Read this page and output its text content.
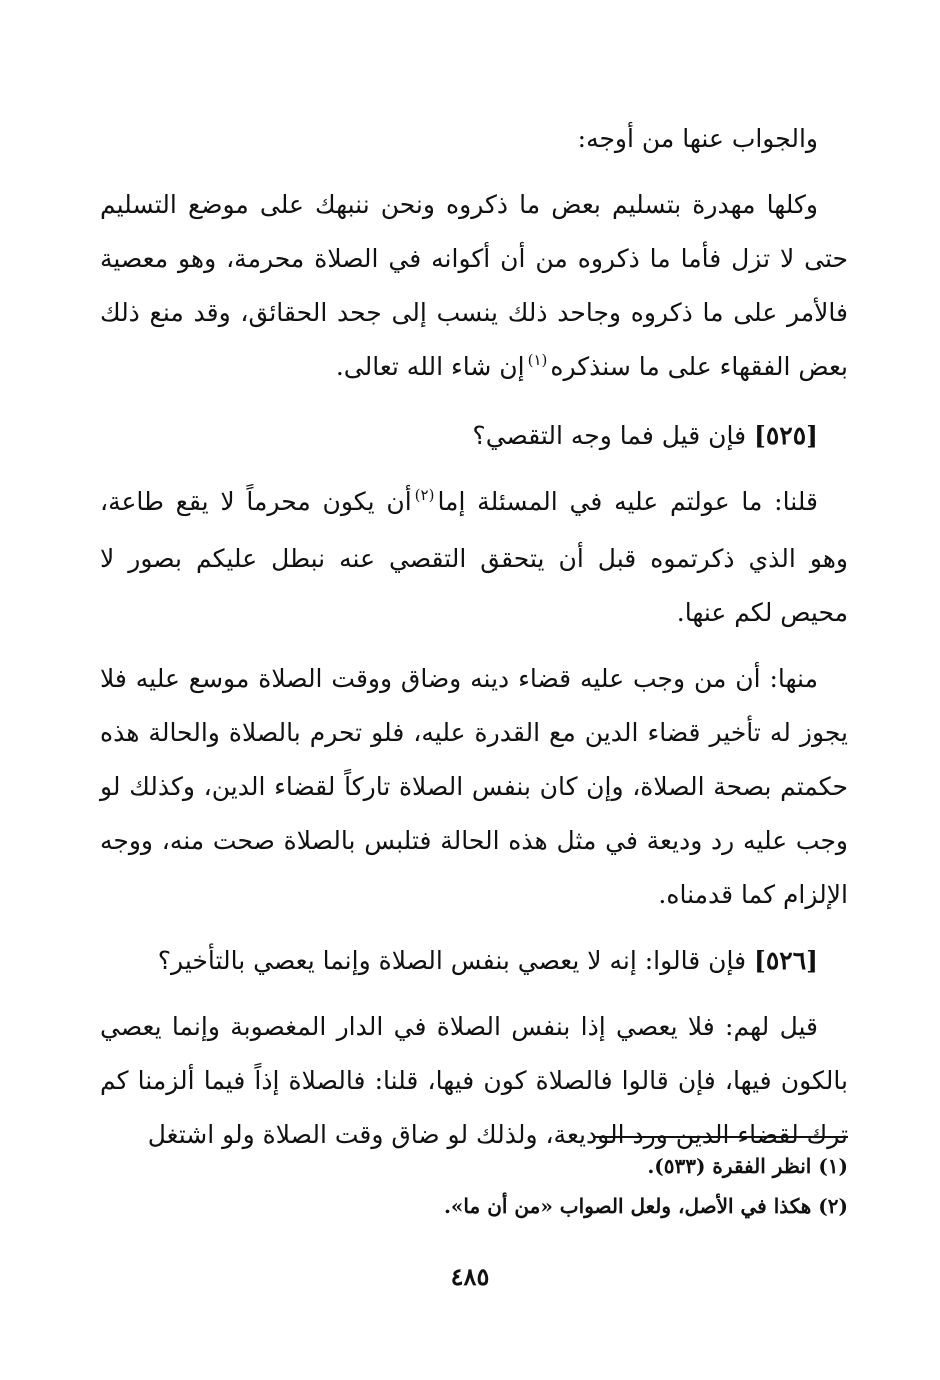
والجواب عنها من أوجه:

وكلها مهدرة بتسليم بعض ما ذكروه ونحن ننبهك على موضع التسليم حتى لا تزل فأما ما ذكروه من أن أكوانه في الصلاة محرمة، وهو معصية فالأمر على ما ذكروه وجاحد ذلك ينسب إلى جحد الحقائق، وقد منع ذلك بعض الفقهاء على ما سنذكره$^{(١)}$إن شاء الله تعالى.

[٥٢٥] فإن قيل فما وجه التقصي؟

قلنا: ما عولتم عليه في المسئلة إما$^{(٢)}$أن يكون محرماً لا يقع طاعة، وهو الذي ذكرتموه قبل أن يتحقق التقصي عنه نبطل عليكم بصور لا محيص لكم عنها.

منها: أن من وجب عليه قضاء دينه وضاق ووقت الصلاة موسع عليه فلا يجوز له تأخير قضاء الدين مع القدرة عليه، فلو تحرم بالصلاة والحالة هذه حكمتم بصحة الصلاة، وإن كان بنفس الصلاة تاركاً لقضاء الدين، وكذلك لو وجب عليه رد وديعة في مثل هذه الحالة فتلبس بالصلاة صحت منه، ووجه الإلزام كما قدمناه.

[٥٢٦] فإن قالوا: إنه لا يعصي بنفس الصلاة وإنما يعصي بالتأخير؟

قيل لهم: فلا يعصي إذا بنفس الصلاة في الدار المغصوبة وإنما يعصي بالكون فيها، فإن قالوا فالصلاة كون فيها، قلنا: فالصلاة إذاً فيما ألزمنا كم ترك لقضاء الدين ورد الوديعة، ولذلك لو ضاق وقت الصلاة ولو اشتغل

(١) انظر الفقرة (٥٣٣).

(٢) هكذا في الأصل، ولعل الصواب «من أن ما».

٤٨٥
